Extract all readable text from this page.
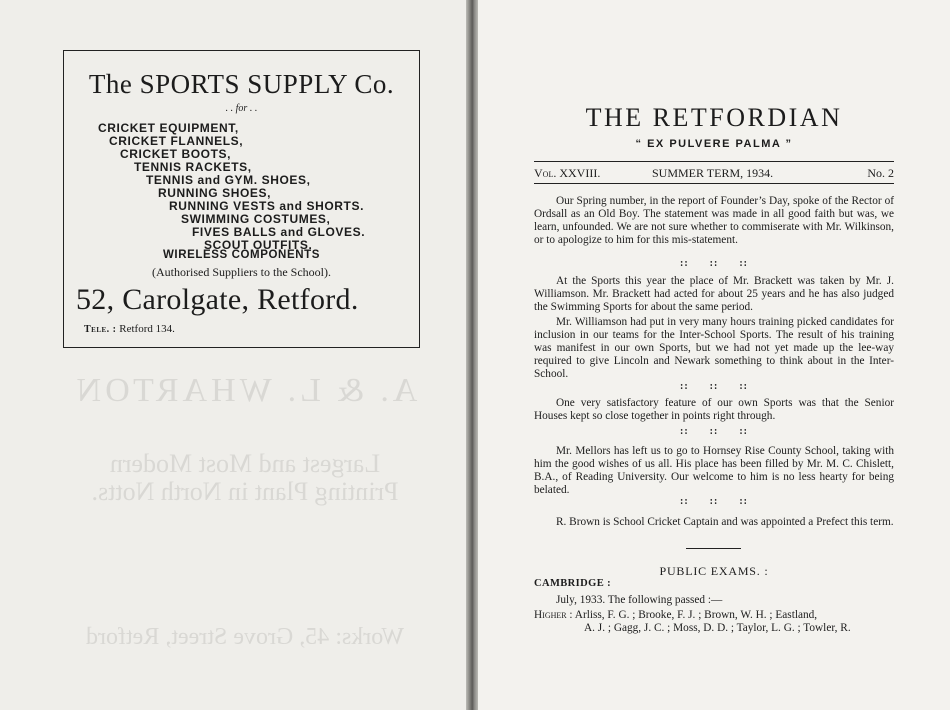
A. & L. WHARTON
Largest and Most Modern
Printing Plant in North Notts.
Works: 45, Grove Street, Retford
The SPORTS SUPPLY Co.
. . for . .
CRICKET EQUIPMENT,
CRICKET FLANNELS,
CRICKET BOOTS,
TENNIS RACKETS,
TENNIS and GYM. SHOES,
RUNNING SHOES,
RUNNING VESTS and SHORTS.
SWIMMING COSTUMES,
FIVES BALLS and GLOVES.
SCOUT OUTFITS.
WIRELESS COMPONENTS
(Authorised Suppliers to the School).
52, Carolgate, Retford.
Tele. : Retford 134.
THE RETFORDIAN
“ EX PULVERE PALMA ”
Vol. XXVIII.	SUMMER TERM, 1934.	No. 2

Our Spring number, in the report of Founder’s Day, spoke of the Rector of Ordsall as an Old Boy. The statement was made in all good faith but was, we learn, unfounded. We are not sure whether to commiserate with Mr. Wilkinson, or to apologize to him for this mis-statement.

::      ::      ::

At the Sports this year the place of Mr. Brackett was taken by Mr. J. Williamson. Mr. Brackett had acted for about 25 years and he has also judged the Swimming Sports for about the same period.

Mr. Williamson had put in very many hours training picked candidates for inclusion in our teams for the Inter-School Sports. The result of his training was manifest in our own Sports, but we had not yet made up the lee-way required to give Lincoln and Newark something to think about in the Inter-School.

::      ::      ::

One very satisfactory feature of our own Sports was that the Senior Houses kept so close together in points right through.

::      ::      ::

Mr. Mellors has left us to go to Hornsey Rise County School, taking with him the good wishes of us all. His place has been filled by Mr. M. C. Chislett, B.A., of Reading University. Our welcome to him is no less hearty for being belated.

::      ::      ::

R. Brown is School Cricket Captain and was appointed a Prefect this term.

PUBLIC EXAMS. :
CAMBRIDGE :
July, 1933. The following passed :—
Higher : Arliss, F. G. ; Brooke, F. J. ; Brown, W. H. ; Eastland,
A. J. ; Gagg, J. C. ; Moss, D. D. ; Taylor, L. G. ; Towler, R.
